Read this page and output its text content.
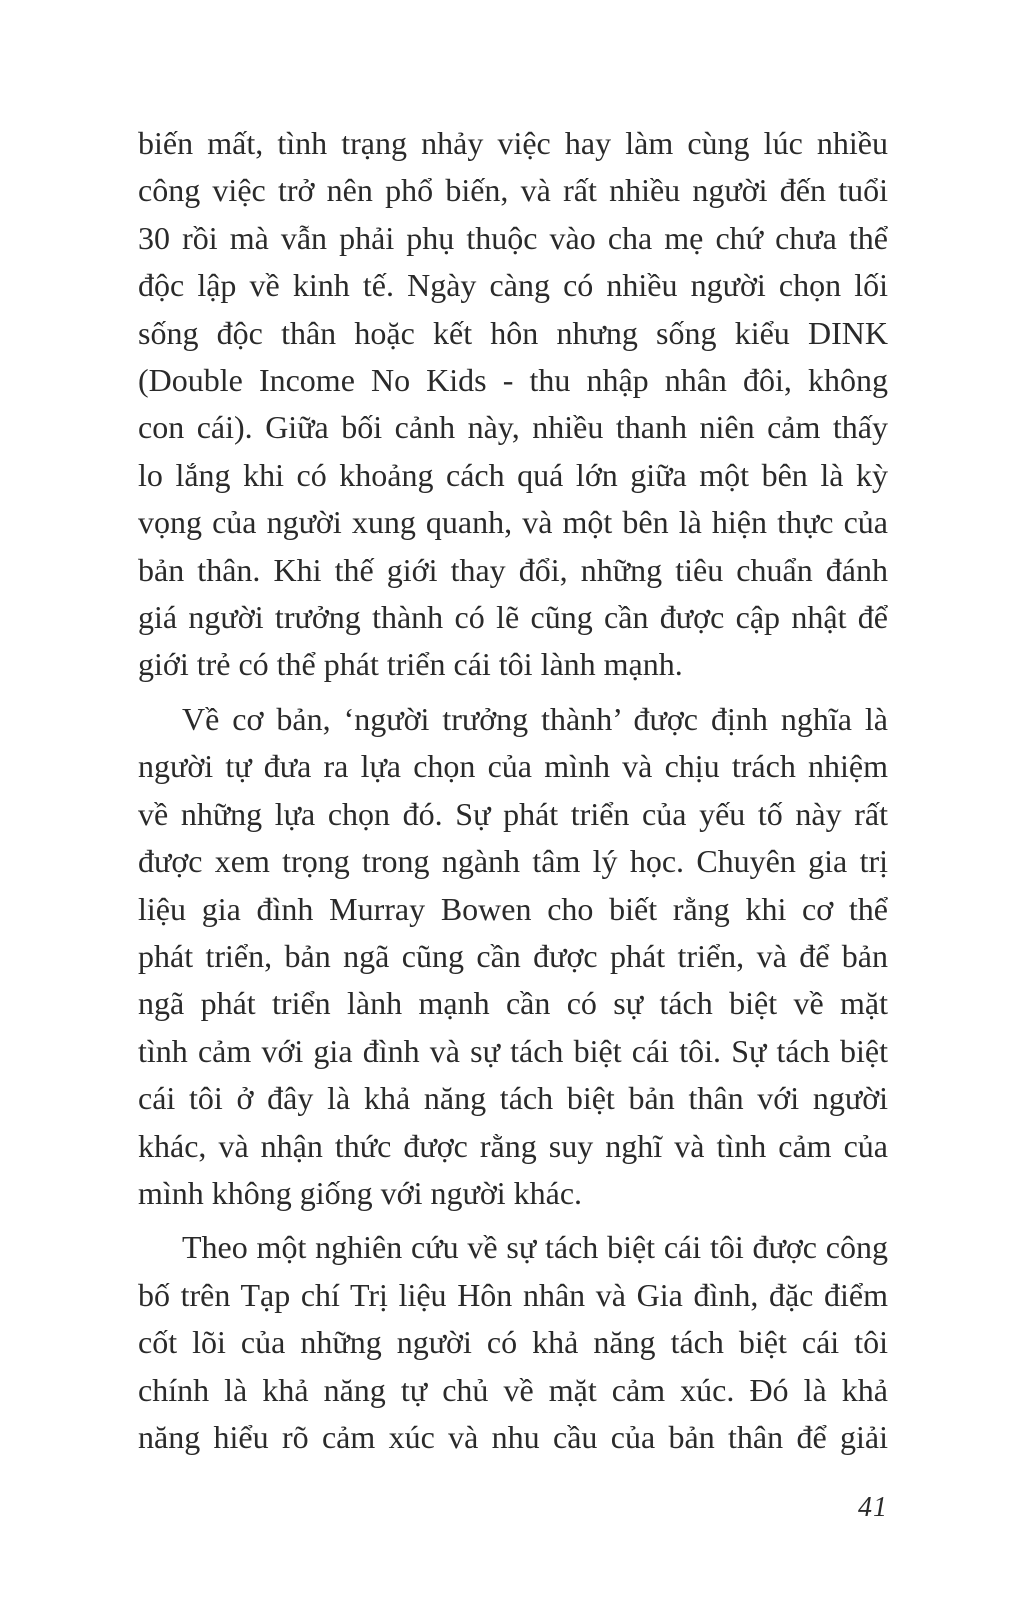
biến mất, tình trạng nhảy việc hay làm cùng lúc nhiều
công việc trở nên phổ biến, và rất nhiều người đến tuổi
30 rồi mà vẫn phải phụ thuộc vào cha mẹ chứ chưa thể
độc lập về kinh tế. Ngày càng có nhiều người chọn lối
sống độc thân hoặc kết hôn nhưng sống kiểu DINK
(Double Income No Kids - thu nhập nhân đôi, không
con cái). Giữa bối cảnh này, nhiều thanh niên cảm thấy
lo lắng khi có khoảng cách quá lớn giữa một bên là kỳ
vọng của người xung quanh, và một bên là hiện thực của
bản thân. Khi thế giới thay đổi, những tiêu chuẩn đánh
giá người trưởng thành có lẽ cũng cần được cập nhật để
giới trẻ có thể phát triển cái tôi lành mạnh.
Về cơ bản, ‘người trưởng thành’ được định nghĩa là
người tự đưa ra lựa chọn của mình và chịu trách nhiệm
về những lựa chọn đó. Sự phát triển của yếu tố này rất
được xem trọng trong ngành tâm lý học. Chuyên gia trị
liệu gia đình Murray Bowen cho biết rằng khi cơ thể
phát triển, bản ngã cũng cần được phát triển, và để bản
ngã phát triển lành mạnh cần có sự tách biệt về mặt
tình cảm với gia đình và sự tách biệt cái tôi. Sự tách biệt
cái tôi ở đây là khả năng tách biệt bản thân với người
khác, và nhận thức được rằng suy nghĩ và tình cảm của
mình không giống với người khác.
Theo một nghiên cứu về sự tách biệt cái tôi được công
bố trên Tạp chí Trị liệu Hôn nhân và Gia đình, đặc điểm
cốt lõi của những người có khả năng tách biệt cái tôi
chính là khả năng tự chủ về mặt cảm xúc. Đó là khả
năng hiểu rõ cảm xúc và nhu cầu của bản thân để giải
41
